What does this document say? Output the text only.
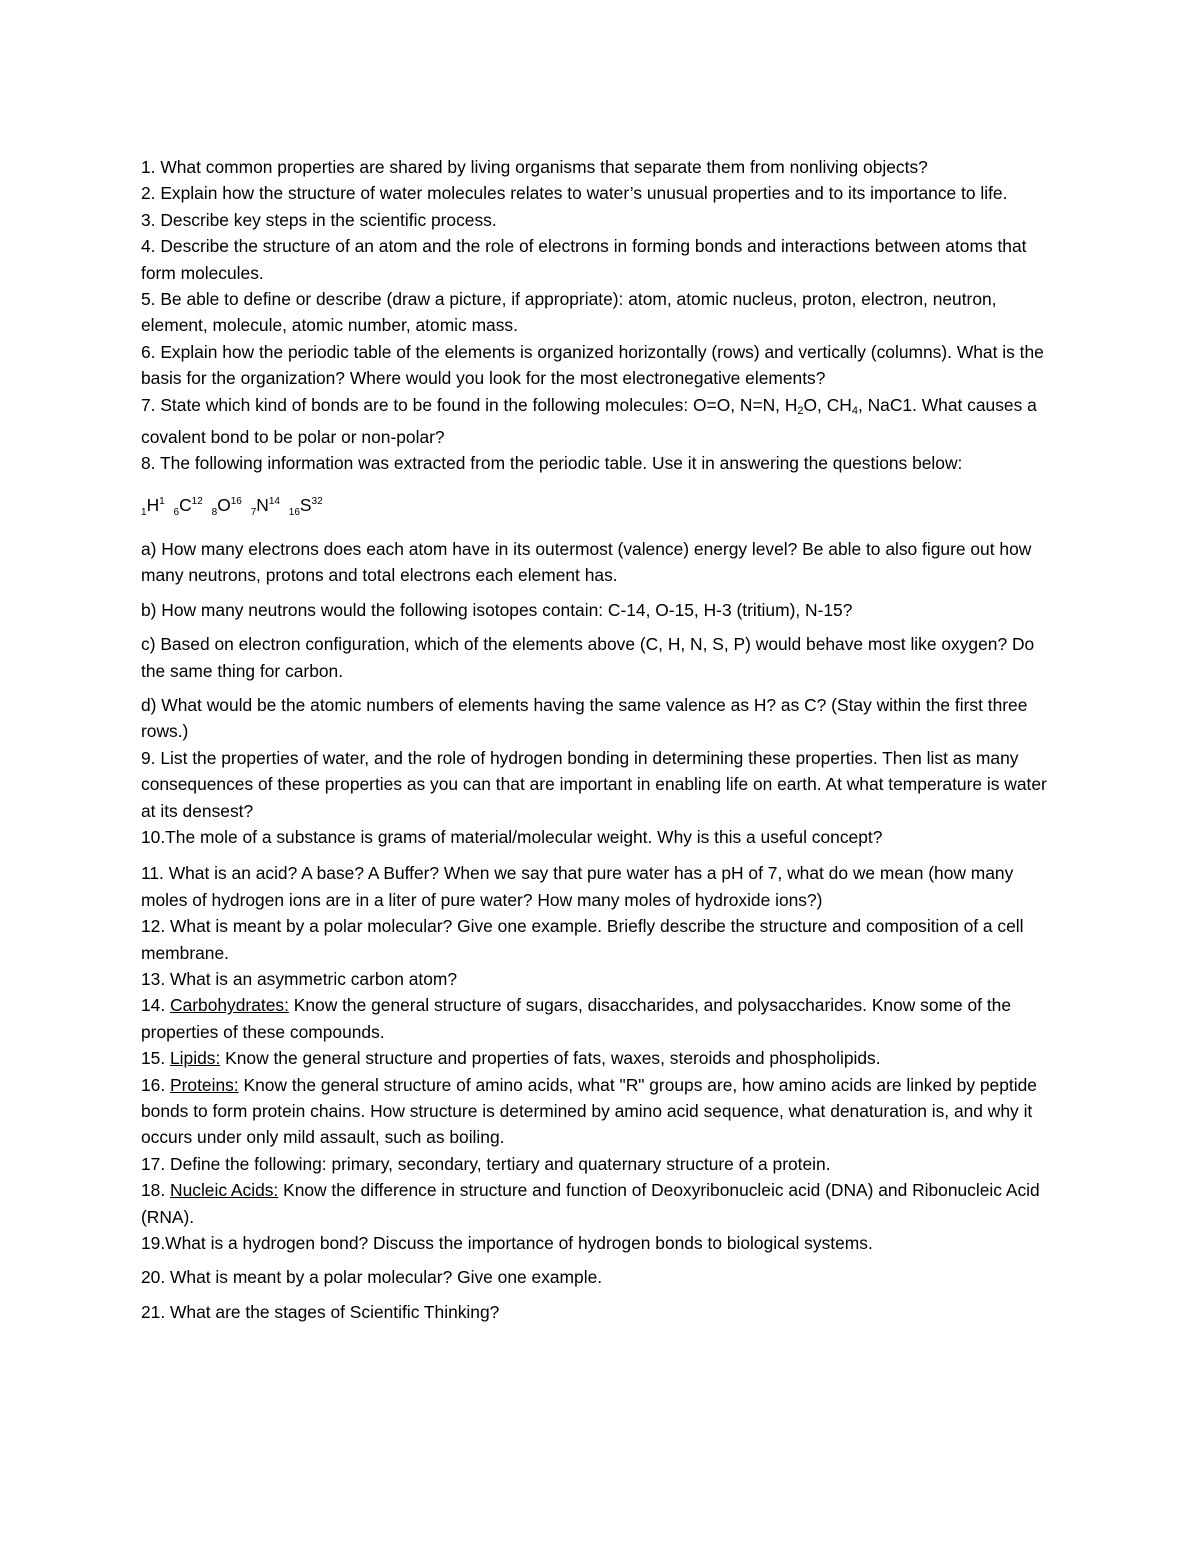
1. What common properties are shared by living organisms that separate them from nonliving objects?

2. Explain how the structure of water molecules relates to water’s unusual properties and to its importance to life.

3. Describe key steps in the scientific process.

4. Describe the structure of an atom and the role of electrons in forming bonds and interactions between atoms that form molecules.

5. Be able to define or describe (draw a picture, if appropriate): atom, atomic nucleus, proton, electron, neutron, element, molecule, atomic number, atomic mass.

6. Explain how the periodic table of the elements is organized horizontally (rows) and vertically (columns). What is the basis for the organization? Where would you look for the most electronegative elements?

7. State which kind of bonds are to be found in the following molecules: O=O, N=N, H2O, CH4, NaC1. What causes a covalent bond to be polar or non-polar?

8. The following information was extracted from the periodic table. Use it in answering the questions below:

$_1H^1$ $_6C^{12}$ $_8O^{16}$ $_7N^{14}$ $_{16}S^{32}$

a) How many electrons does each atom have in its outermost (valence) energy level? Be able to also figure out how many neutrons, protons and total electrons each element has.

b) How many neutrons would the following isotopes contain: C-14, O-15, H-3 (tritium), N-15?

c) Based on electron configuration, which of the elements above (C, H, N, S, P) would behave most like oxygen? Do the same thing for carbon.

d) What would be the atomic numbers of elements having the same valence as H? as C? (Stay within the first three rows.)

9. List the properties of water, and the role of hydrogen bonding in determining these properties. Then list as many consequences of these properties as you can that are important in enabling life on earth. At what temperature is water at its densest?

10.The mole of a substance is grams of material/molecular weight. Why is this a useful concept?

11. What is an acid? A base? A Buffer? When we say that pure water has a pH of 7, what do we mean (how many moles of hydrogen ions are in a liter of pure water? How many moles of hydroxide ions?)

12. What is meant by a polar molecular? Give one example. Briefly describe the structure and composition of a cell membrane.

13. What is an asymmetric carbon atom?

14. Carbohydrates: Know the general structure of sugars, disaccharides, and polysaccharides. Know some of the properties of these compounds.

15. Lipids: Know the general structure and properties of fats, waxes, steroids and phospholipids.

16. Proteins: Know the general structure of amino acids, what "R" groups are, how amino acids are linked by peptide bonds to form protein chains. How structure is determined by amino acid sequence, what denaturation is, and why it occurs under only mild assault, such as boiling.

17. Define the following: primary, secondary, tertiary and quaternary structure of a protein.

18. Nucleic Acids: Know the difference in structure and function of Deoxyribonucleic acid (DNA) and Ribonucleic Acid (RNA).

19.What is a hydrogen bond? Discuss the importance of hydrogen bonds to biological systems.

20. What is meant by a polar molecular? Give one example.

21. What are the stages of Scientific Thinking?
